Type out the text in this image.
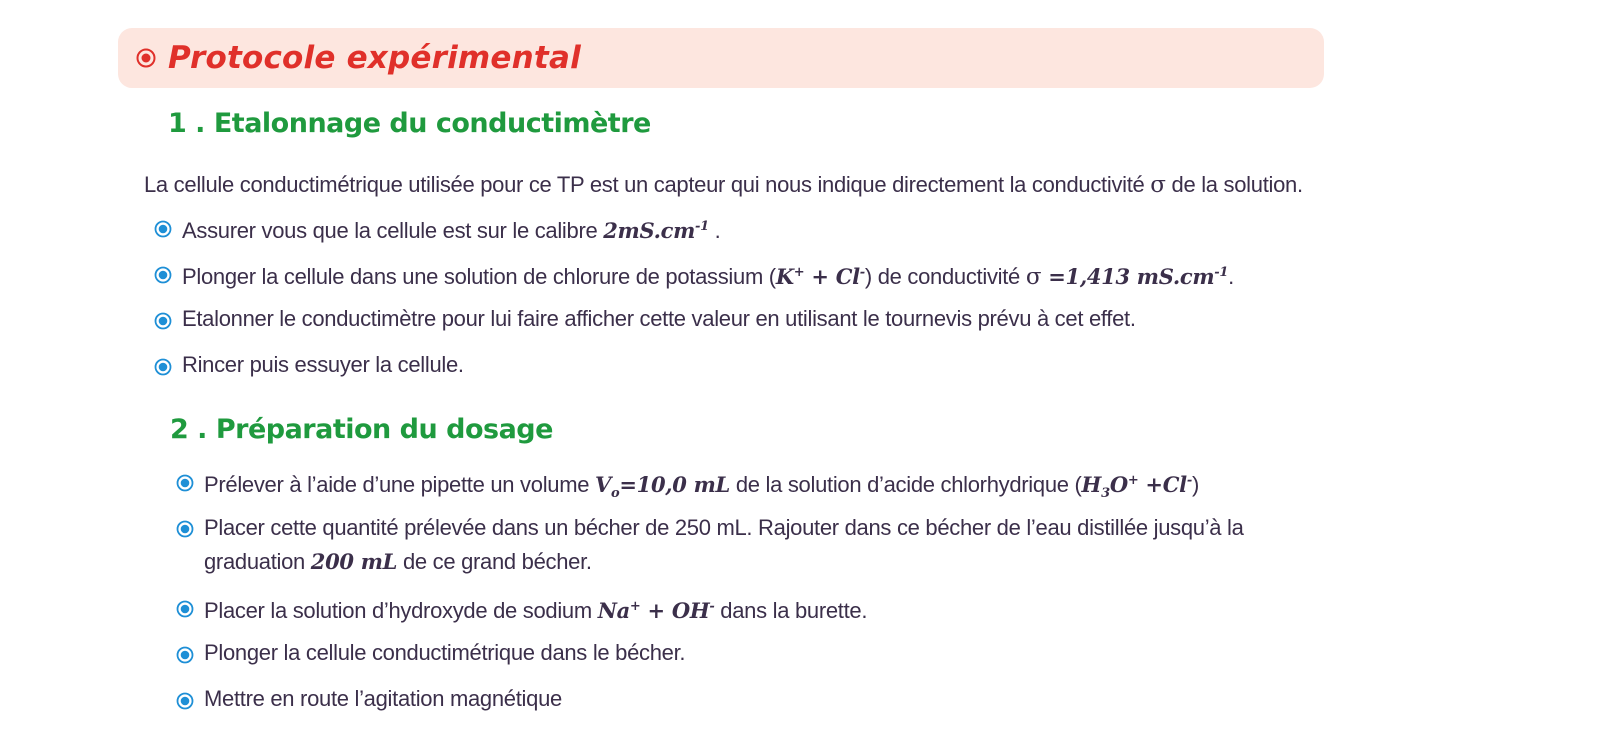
Protocole expérimental
1 . Etalonnage du conductimètre
La cellule conductimétrique utilisée pour ce TP est un capteur qui nous indique directement la conductivité σ de la solution.
Assurer vous que la cellule est sur le calibre $2mS.cm^{-1}$ .
Plonger la cellule dans une solution de chlorure de potassium (K+ + Cl-) de conductivité σ =1,413 $mS.cm^{-1}$.
Etalonner le conductimètre pour lui faire afficher cette valeur en utilisant le tournevis prévu à cet effet.
Rincer puis essuyer la cellule.
2 . Préparation du dosage
Prélever à l’aide d’une pipette un volume $V_o=10,0$ mL de la solution d’acide chlorhydrique $(H_3O^+ +Cl^-)$
Placer cette quantité prélevée dans un bécher de 250 mL. Rajouter dans ce bécher de l’eau distillée jusqu’à la graduation 200 mL de ce grand bécher.
Placer la solution d’hydroxyde de sodium Na+ + OH- dans la burette.
Plonger la cellule conductimétrique dans le bécher.
Mettre en route l’agitation magnétique
